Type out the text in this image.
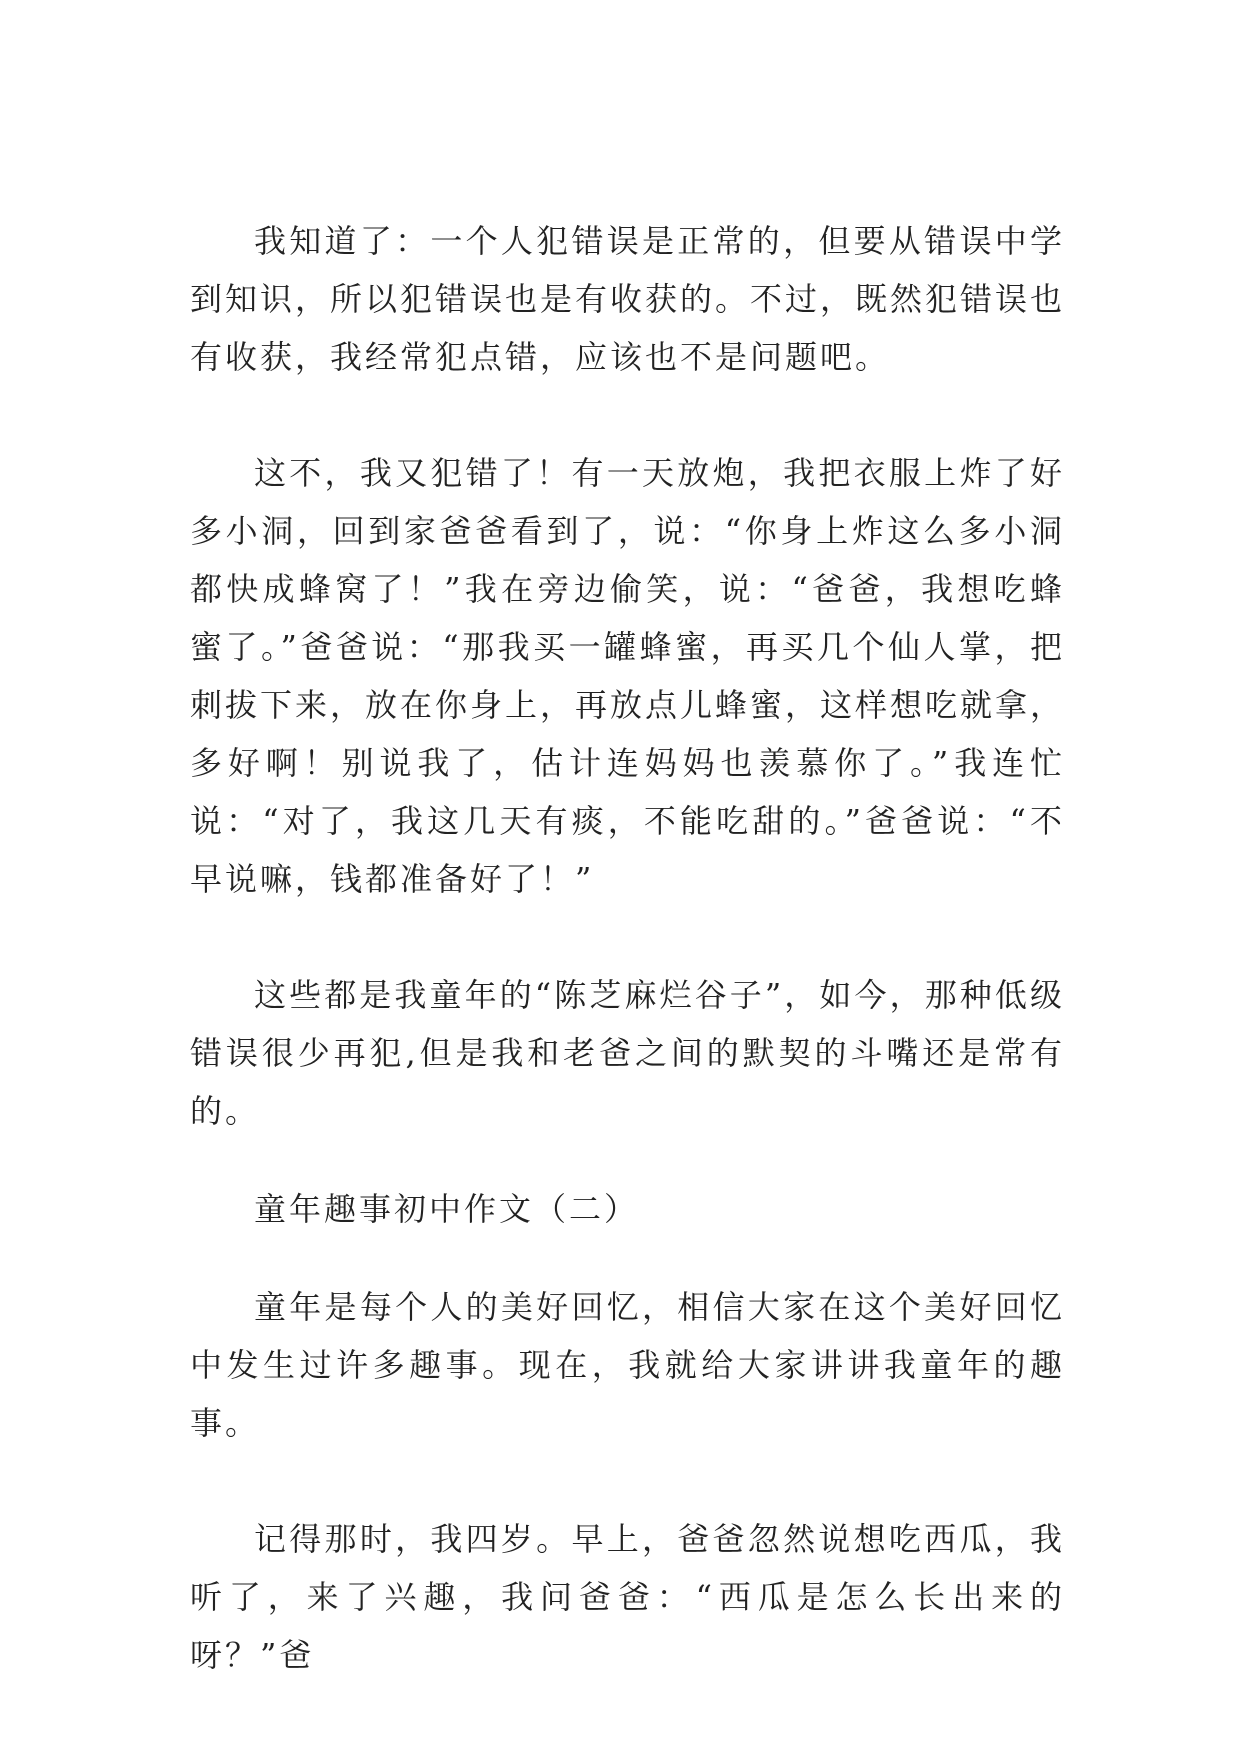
我知道了：一个人犯错误是正常的，但要从错误中学到知识，所以犯错误也是有收获的。不过，既然犯错误也有收获，我经常犯点错，应该也不是问题吧。

这不，我又犯错了！有一天放炮，我把衣服上炸了好多小洞，回到家爸爸看到了，说：“你身上炸这么多小洞都快成蜂窝了！”我在旁边偷笑，说：“爸爸，我想吃蜂蜜了。”爸爸说：“那我买一罐蜂蜜，再买几个仙人掌，把刺拔下来，放在你身上，再放点儿蜂蜜，这样想吃就拿，多好啊！别说我了，估计连妈妈也羡慕你了。”我连忙说：“对了，我这几天有痰，不能吃甜的。”爸爸说：“不早说嘛，钱都准备好了！”

这些都是我童年的“陈芝麻烂谷子”，如今，那种低级错误很少再犯,但是我和老爸之间的默契的斗嘴还是常有的。

童年趣事初中作文（二）

童年是每个人的美好回忆，相信大家在这个美好回忆中发生过许多趣事。现在，我就给大家讲讲我童年的趣事。

记得那时，我四岁。早上，爸爸忽然说想吃西瓜，我听了，来了兴趣，我问爸爸：“西瓜是怎么长出来的呀？”爸
